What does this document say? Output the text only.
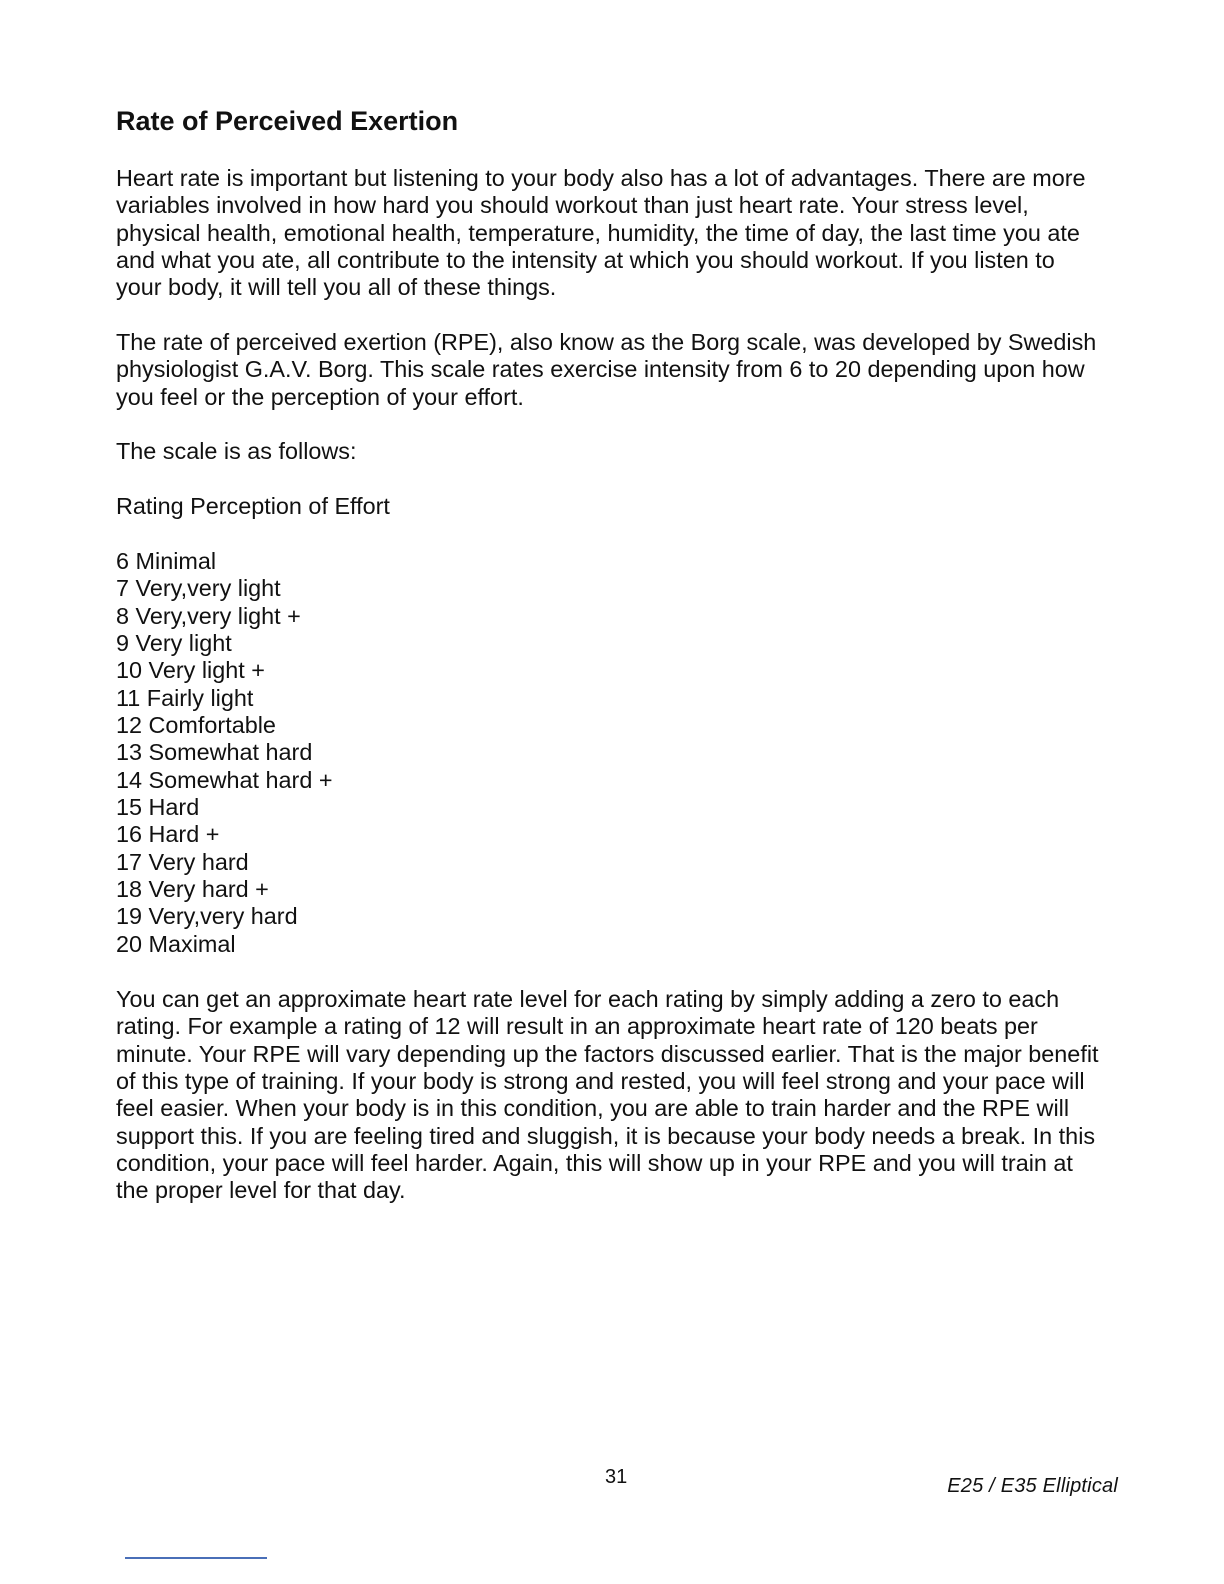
Rate of Perceived Exertion
Heart rate is important but listening to your body also has a lot of advantages. There are more
variables involved in how hard you should workout than just heart rate. Your stress level,
physical health, emotional health, temperature, humidity, the time of day, the last time you ate
and what you ate, all contribute to the intensity at which you should workout. If you listen to
your body, it will tell you all of these things.
The rate of perceived exertion (RPE), also know as the Borg scale, was developed by Swedish
physiologist G.A.V. Borg. This scale rates exercise intensity from 6 to 20 depending upon how
you feel or the perception of your effort.
The scale is as follows:
Rating Perception of Effort
6 Minimal
7 Very,very light
8 Very,very light +
9 Very light
10 Very light +
11 Fairly light
12 Comfortable
13 Somewhat hard
14 Somewhat hard +
15 Hard
16 Hard +
17 Very hard
18 Very hard +
19 Very,very hard
20 Maximal
You can get an approximate heart rate level for each rating by simply adding a zero to each
rating. For example a rating of 12 will result in an approximate heart rate of 120 beats per
minute. Your RPE will vary depending up the factors discussed earlier. That is the major benefit
of this type of training. If your body is strong and rested, you will feel strong and your pace will
feel easier. When your body is in this condition, you are able to train harder and the RPE will
support this. If you are feeling tired and sluggish, it is because your body needs a break. In this
condition, your pace will feel harder. Again, this will show up in your RPE and you will train at
the proper level for that day.
31	E25 / E35 Elliptical
